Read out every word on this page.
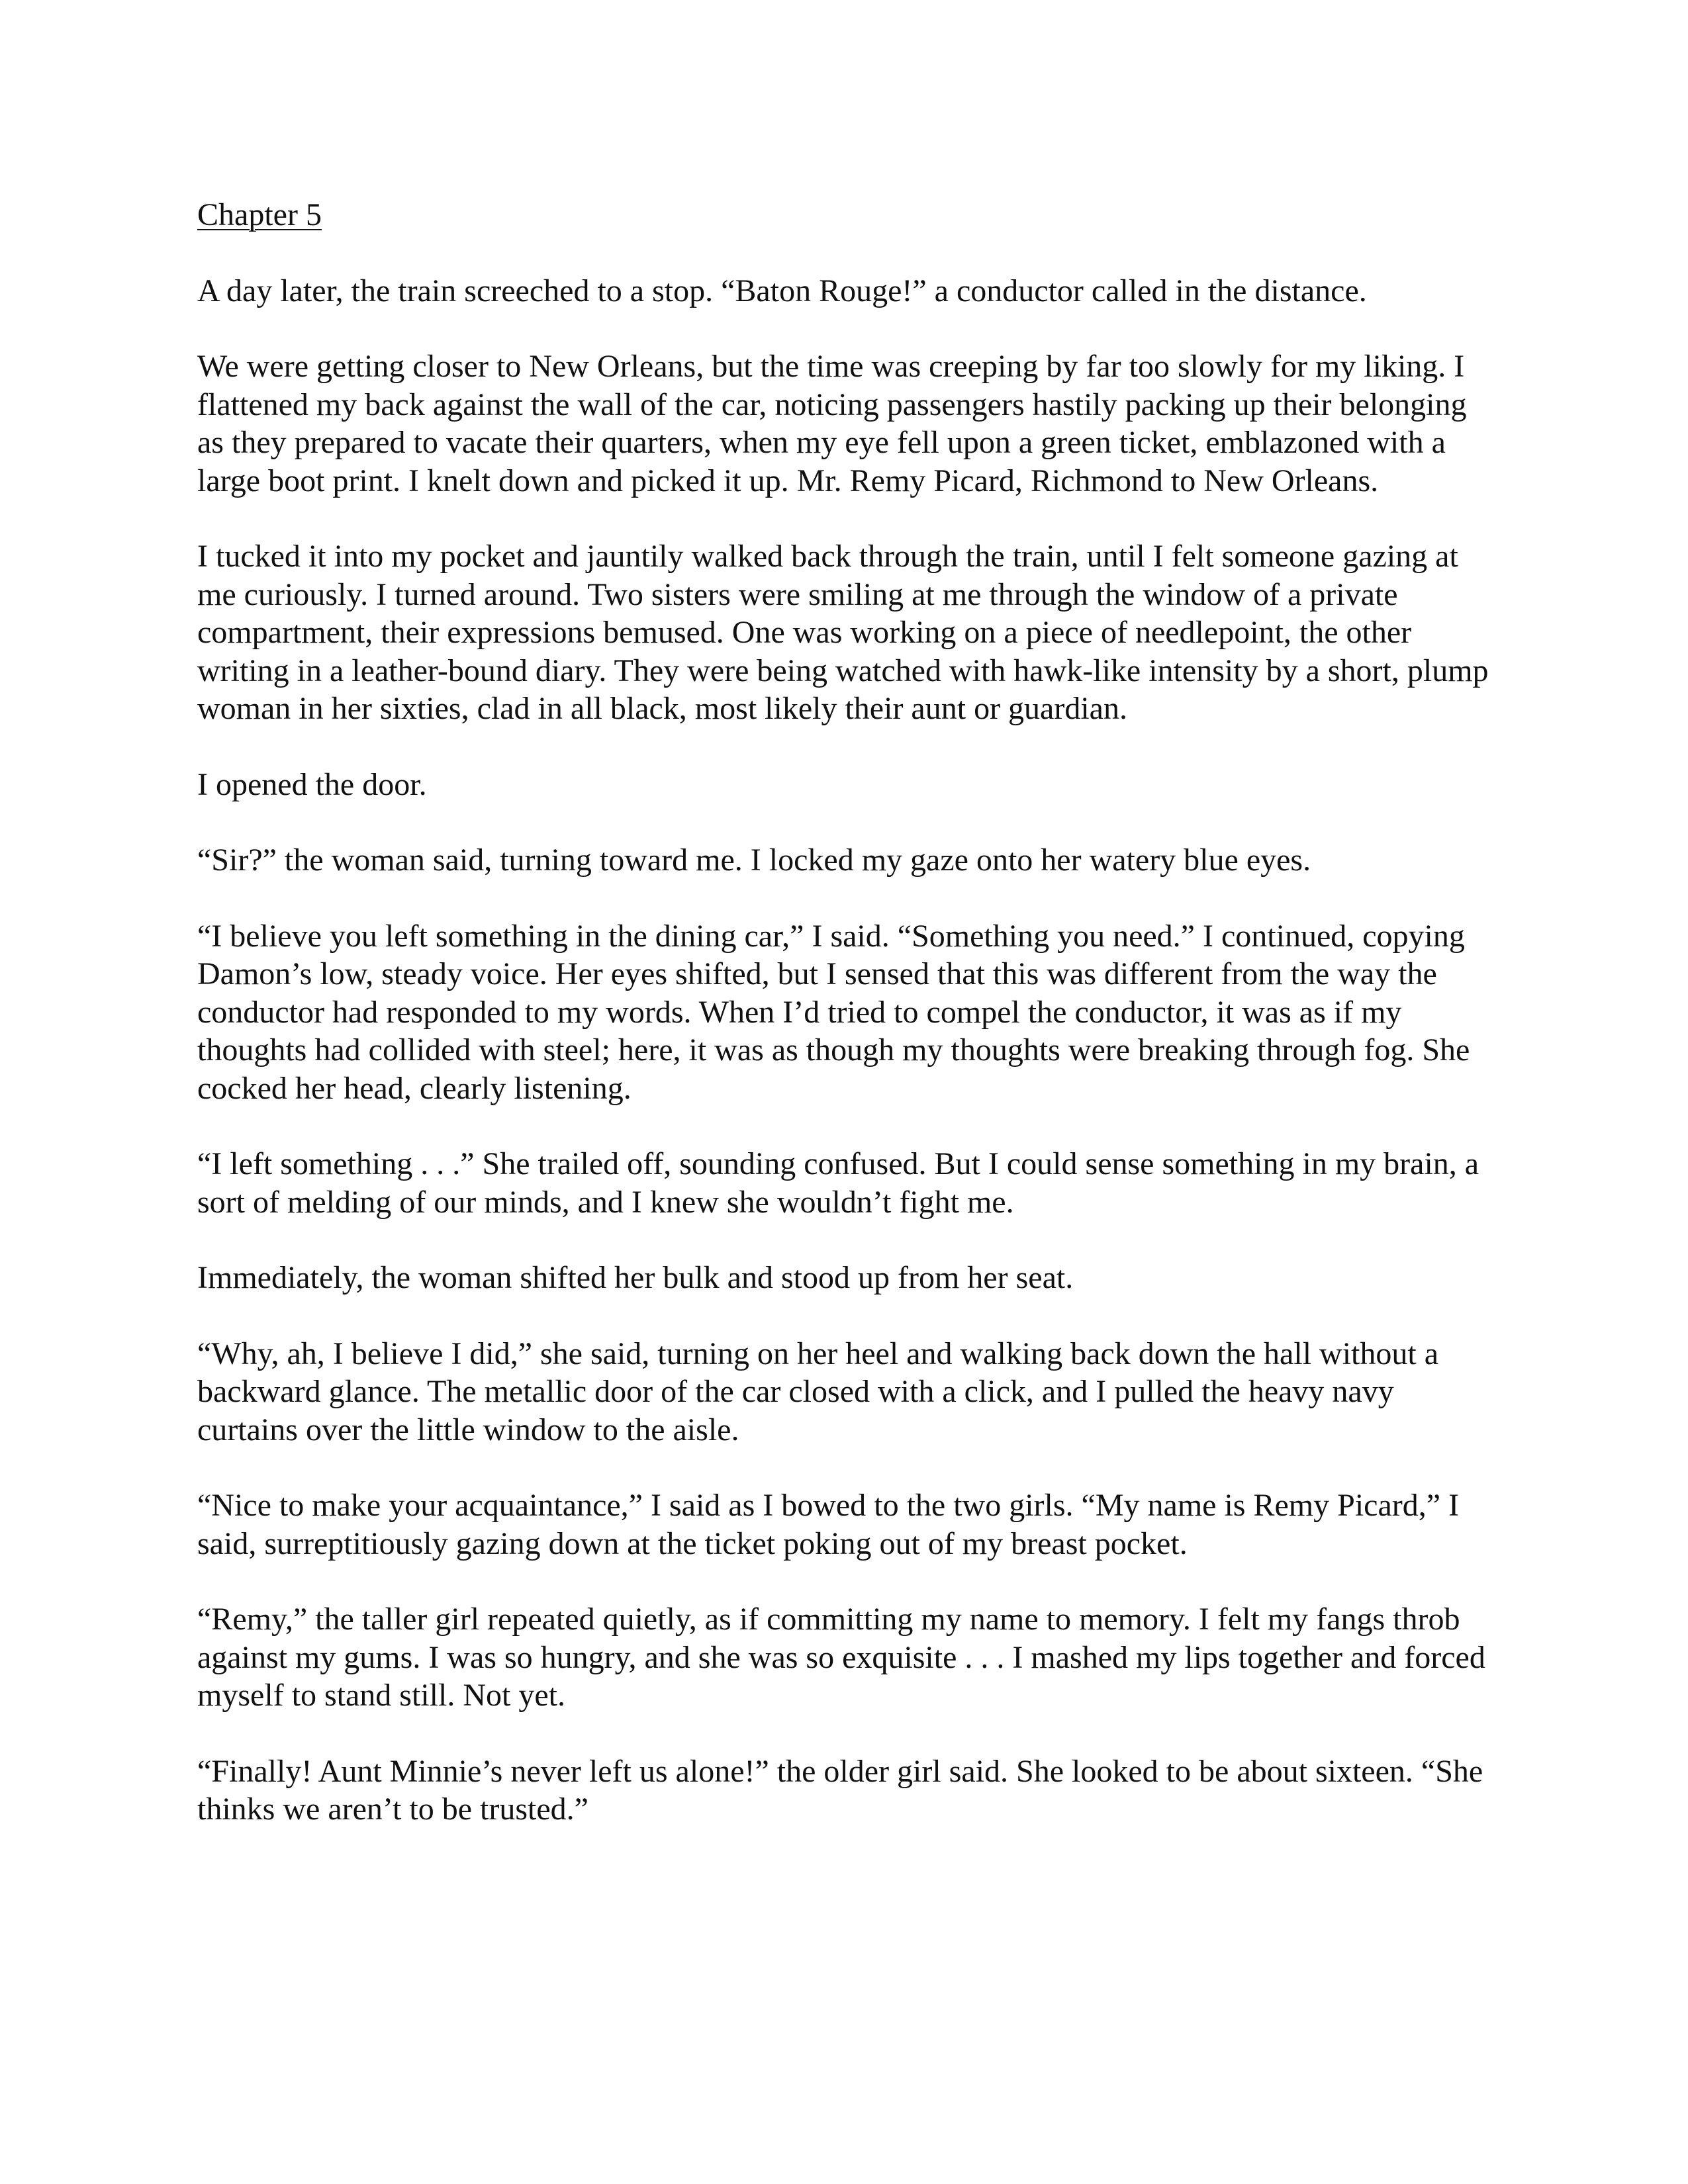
Chapter 5

A day later, the train screeched to a stop. “Baton Rouge!” a conductor called in the distance.

We were getting closer to New Orleans, but the time was creeping by far too slowly for my liking. I flattened my back against the wall of the car, noticing passengers hastily packing up their belonging as they prepared to vacate their quarters, when my eye fell upon a green ticket, emblazoned with a large boot print. I knelt down and picked it up. Mr. Remy Picard, Richmond to New Orleans.

I tucked it into my pocket and jauntily walked back through the train, until I felt someone gazing at me curiously. I turned around. Two sisters were smiling at me through the window of a private compartment, their expressions bemused. One was working on a piece of needlepoint, the other writing in a leather-bound diary. They were being watched with hawk-like intensity by a short, plump woman in her sixties, clad in all black, most likely their aunt or guardian.

I opened the door.

“Sir?” the woman said, turning toward me. I locked my gaze onto her watery blue eyes.

“I believe you left something in the dining car,” I said. “Something you need.” I continued, copying Damon’s low, steady voice. Her eyes shifted, but I sensed that this was different from the way the conductor had responded to my words. When I’d tried to compel the conductor, it was as if my thoughts had collided with steel; here, it was as though my thoughts were breaking through fog. She cocked her head, clearly listening.

“I left something . . .” She trailed off, sounding confused. But I could sense something in my brain, a sort of melding of our minds, and I knew she wouldn’t fight me.

Immediately, the woman shifted her bulk and stood up from her seat.

“Why, ah, I believe I did,” she said, turning on her heel and walking back down the hall without a backward glance. The metallic door of the car closed with a click, and I pulled the heavy navy curtains over the little window to the aisle.

“Nice to make your acquaintance,” I said as I bowed to the two girls. “My name is Remy Picard,” I said, surreptitiously gazing down at the ticket poking out of my breast pocket.

“Remy,” the taller girl repeated quietly, as if committing my name to memory. I felt my fangs throb against my gums. I was so hungry, and she was so exquisite . . . I mashed my lips together and forced myself to stand still. Not yet.

“Finally! Aunt Minnie’s never left us alone!” the older girl said. She looked to be about sixteen. “She thinks we aren’t to be trusted.”
